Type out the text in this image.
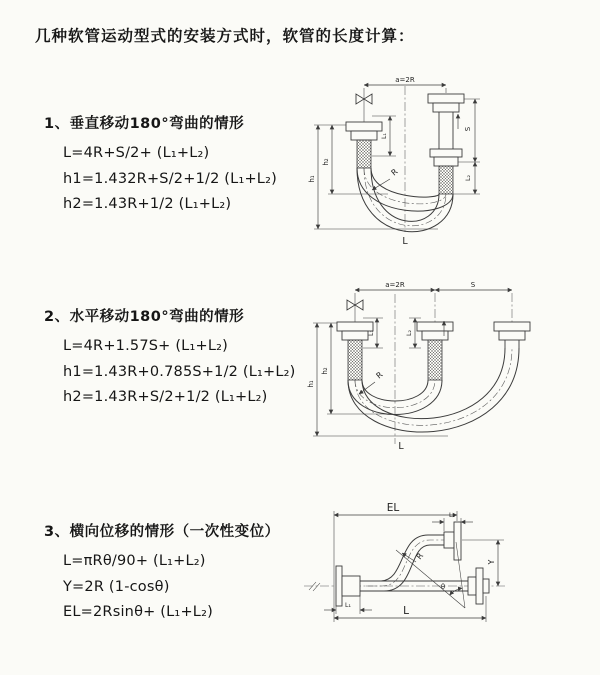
几种软管运动型式的安装方式时，软管的长度计算：
1、垂直移动180°弯曲的情形
L=4R+S/2+ (L₁+L₂)
h1=1.432R+S/2+1/2 (L₁+L₂)
h2=1.43R+1/2 (L₁+L₂)
a=2R
h₁
h₂
L₁
S
L₂
R
L
2、水平移动180°弯曲的情形
L=4R+1.57S+ (L₁+L₂)
h1=1.43R+0.785S+1/2 (L₁+L₂)
h2=1.43R+S/2+1/2 (L₁+L₂)
a=2R	S
h₁
h₂
L₁	L₂
R
L
3、横向位移的情形（一次性变位）
L=πRθ/90+ (L₁+L₂)
Y=2R (1-cosθ)
EL=2Rsinθ+ (L₁+L₂)
θ
EL
L₂
Y
L
L₁
R
